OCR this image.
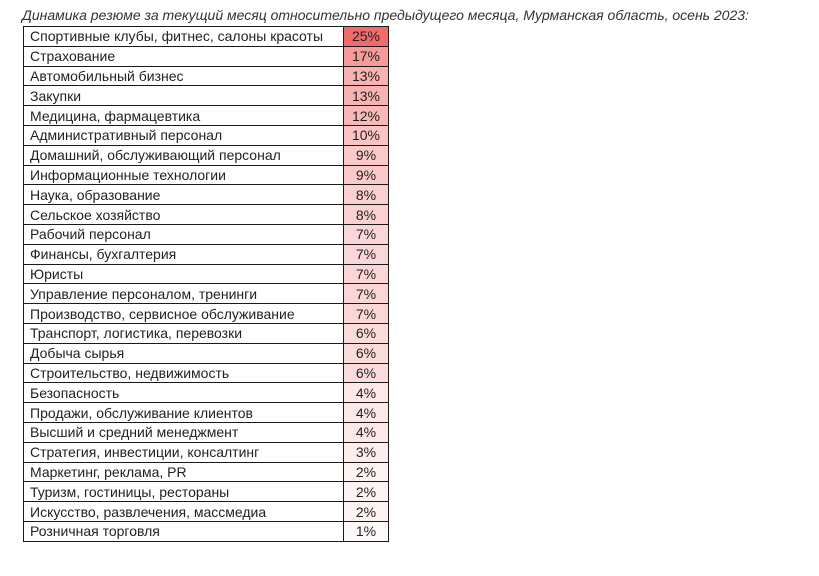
Динамика резюме за текущий месяц относительно предыдущего месяца, Мурманская область, осень 2023:
Спортивные клубы, фитнес, салоны красоты	25%
Страхование	17%
Автомобильный бизнес	13%
Закупки	13%
Медицина, фармацевтика	12%
Административный персонал	10%
Домашний, обслуживающий персонал	9%
Информационные технологии	9%
Наука, образование	8%
Сельское хозяйство	8%
Рабочий персонал	7%
Финансы, бухгалтерия	7%
Юристы	7%
Управление персоналом, тренинги	7%
Производство, сервисное обслуживание	7%
Транспорт, логистика, перевозки	6%
Добыча сырья	6%
Строительство, недвижимость	6%
Безопасность	4%
Продажи, обслуживание клиентов	4%
Высший и средний менеджмент	4%
Стратегия, инвестиции, консалтинг	3%
Маркетинг, реклама, PR	2%
Туризм, гостиницы, рестораны	2%
Искусство, развлечения, массмедиа	2%
Розничная торговля	1%
